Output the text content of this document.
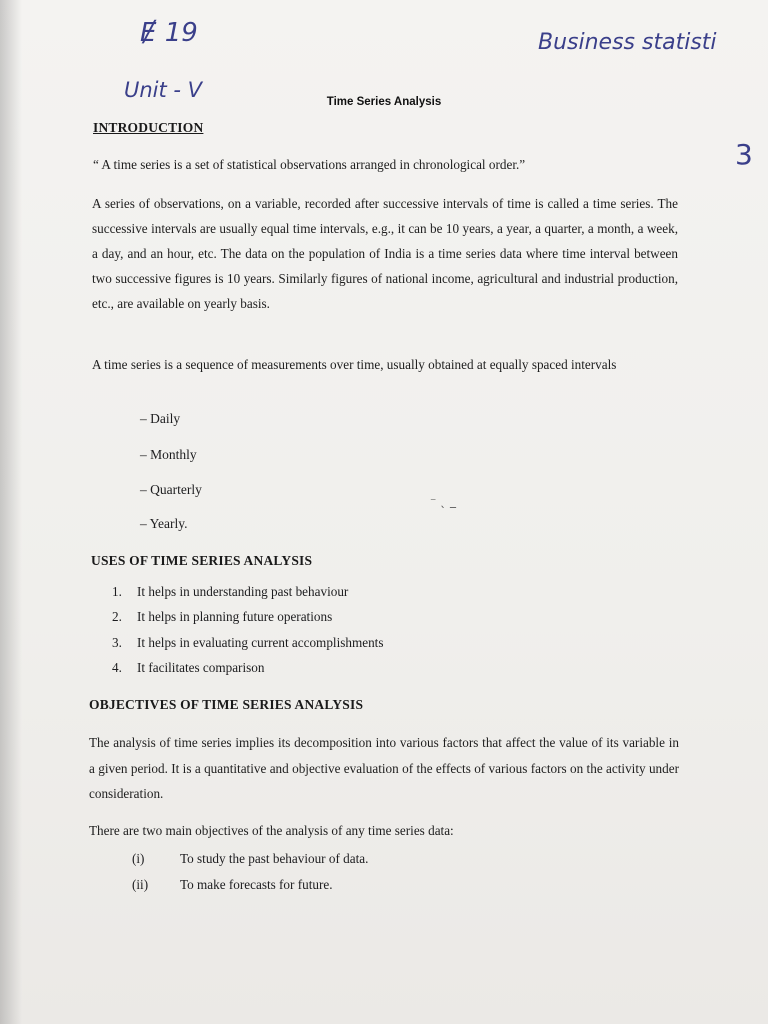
Ɇ 19	Business statisti
Unit - V
3
Time Series Analysis
INTRODUCTION
“ A time series is a set of statistical observations arranged in chronological order.”
A series of observations, on a variable, recorded after successive intervals of time is called a time series. The successive intervals are usually equal time intervals, e.g., it can be 10 years, a year, a quarter, a month, a week, a day, and an hour, etc. The data on the population of India is a time series data where time interval between two successive figures is 10 years. Similarly figures of national income, agricultural and industrial production, etc., are available on yearly basis.
A time series is a sequence of measurements over time, usually obtained at equally spaced intervals
– Daily
– Monthly
– Quarterly
– Yearly.
⁻ ˎ _
USES OF TIME SERIES ANALYSIS
1. It helps in understanding past behaviour
2. It helps in planning future operations
3. It helps in evaluating current accomplishments
4. It facilitates comparison
OBJECTIVES OF TIME SERIES ANALYSIS
The analysis of time series implies its decomposition into various factors that affect the value of its variable in a given period. It is a quantitative and objective evaluation of the effects of various factors on the activity under consideration.
There are two main objectives of the analysis of any time series data:
(i)	To study the past behaviour of data.
(ii) To make forecasts for future.
